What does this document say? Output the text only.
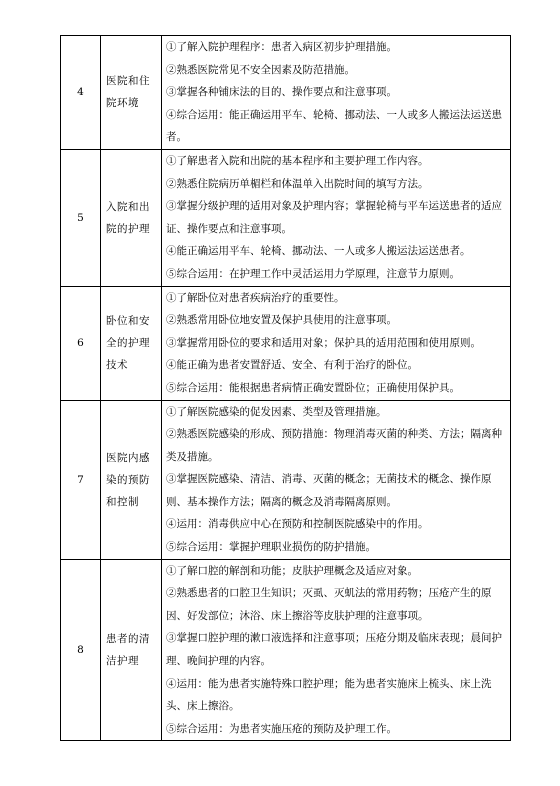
4	医院和住院环境	①了解入院护理程序：患者入病区初步护理措施。
②熟悉医院常见不安全因素及防范措施。
③掌握各种铺床法的目的、操作要点和注意事项。
④综合运用：能正确运用平车、轮椅、挪动法、一人或多人搬运法运送患者。

5	入院和出院的护理	①了解患者入院和出院的基本程序和主要护理工作内容。
②熟悉住院病历单楣栏和体温单入出院时间的填写方法。
③掌握分级护理的适用对象及护理内容；掌握轮椅与平车运送患者的适应证、操作要点和注意事项。
④能正确运用平车、轮椅、挪动法、一人或多人搬运法运送患者。
⑤综合运用：在护理工作中灵活运用力学原理，注意节力原则。

6	卧位和安全的护理技术	①了解卧位对患者疾病治疗的重要性。
②熟悉常用卧位地安置及保护具使用的注意事项。
③掌握常用卧位的要求和适用对象；保护具的适用范围和使用原则。
④能正确为患者安置舒适、安全、有利于治疗的卧位。
⑤综合运用：能根据患者病情正确安置卧位；正确使用保护具。

7	医院内感染的预防和控制	①了解医院感染的促发因素、类型及管理措施。
②熟悉医院感染的形成、预防措施：物理消毒灭菌的种类、方法；隔离种类及措施。
③掌握医院感染、清洁、消毒、灭菌的概念；无菌技术的概念、操作原则、基本操作方法；隔离的概念及消毒隔离原则。
④运用：消毒供应中心在预防和控制医院感染中的作用。
⑤综合运用：掌握护理职业损伤的防护措施。

8	患者的清洁护理	①了解口腔的解剖和功能；皮肤护理概念及适应对象。
②熟悉患者的口腔卫生知识；灭虱、灭虮法的常用药物；压疮产生的原因、好发部位；沐浴、床上擦浴等皮肤护理的注意事项。
③掌握口腔护理的漱口液选择和注意事项；压疮分期及临床表现；晨间护理、晚间护理的内容。
④运用：能为患者实施特殊口腔护理；能为患者实施床上梳头、床上洗头、床上擦浴。
⑤综合运用：为患者实施压疮的预防及护理工作。
